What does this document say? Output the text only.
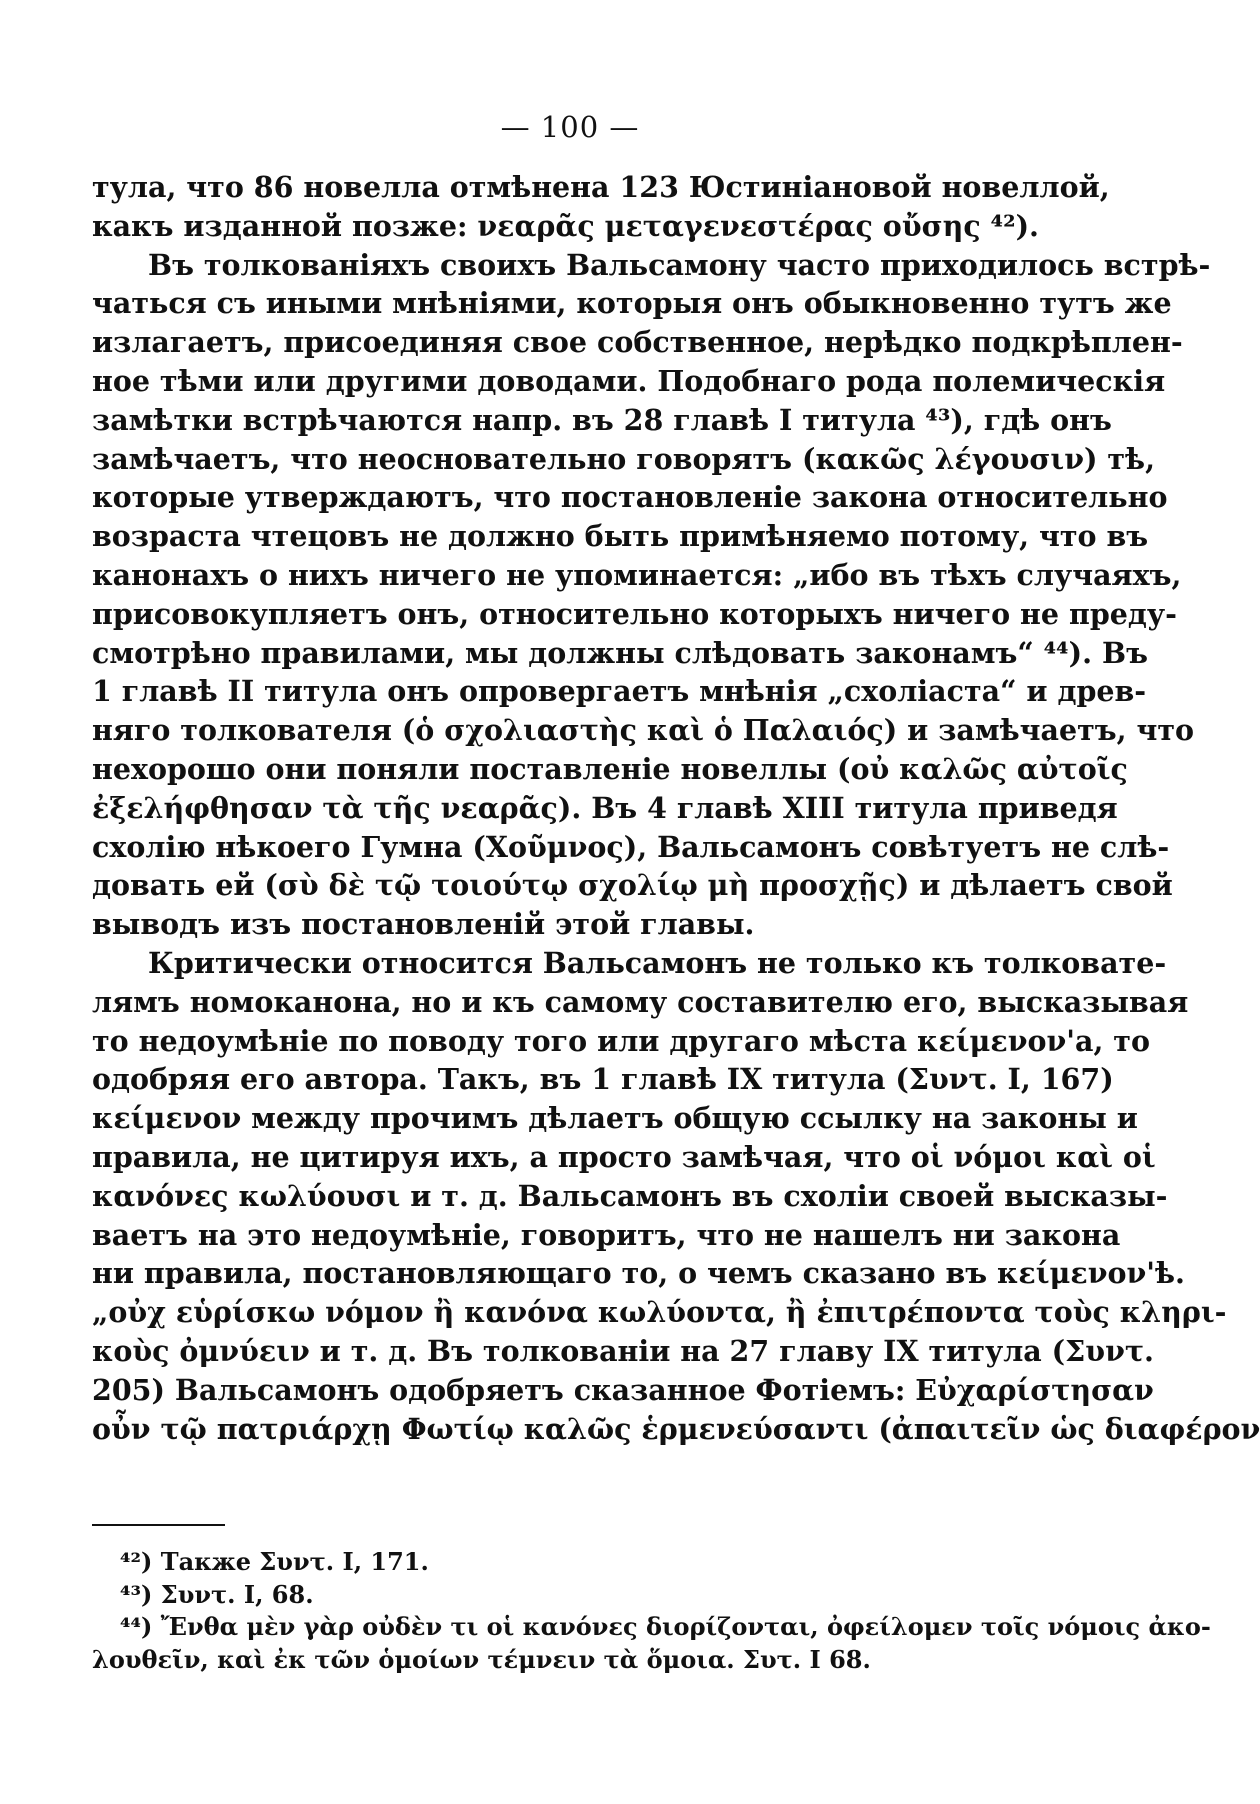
— 100 —
тула, что 86 новелла отмѣнена 123 Юстиніановой новеллой,
какъ изданной позже: νεαρᾶς μεταγενεστέρας οὔσης ⁴²).
Въ толкованіяхъ своихъ Вальсамону часто приходилось встрѣ-
чаться съ иными мнѣніями, которыя онъ обыкновенно тутъ же
излагаетъ, присоединяя свое собственное, нерѣдко подкрѣплен-
ное тѣми или другими доводами. Подобнаго рода полемическія
замѣтки встрѣчаются напр. въ 28 главѣ I титула ⁴³), гдѣ онъ
замѣчаетъ, что неосновательно говорятъ (κακῶς λέγουσιν) тѣ,
которые утверждаютъ, что постановленіе закона относительно
возраста чтецовъ не должно быть примѣняемо потому, что въ
канонахъ о нихъ ничего не упоминается: „ибо въ тѣхъ случаяхъ,
присовокупляетъ онъ, относительно которыхъ ничего не преду-
смотрѣно правилами, мы должны слѣдовать законамъ“ ⁴⁴). Въ
1 главѣ II титула онъ опровергаетъ мнѣнія „схоліаста“ и древ-
няго толкователя (ὁ σχολιαστὴς καὶ ὁ Παλαιός) и замѣчаетъ, что
нехорошо они поняли поставленіе новеллы (οὐ καλῶς αὐτοῖς
ἐξελήφθησαν τὰ τῆς νεαρᾶς). Въ 4 главѣ XIII титула приведя
схолію нѣкоего Гумна (Χοῦμνος), Вальсамонъ совѣтуетъ не слѣ-
довать ей (σὺ δὲ τῷ τοιούτῳ σχολίῳ μὴ προσχῇς) и дѣлаетъ свой
выводъ изъ постановленій этой главы.
Критически относится Вальсамонъ не только къ толковате-
лямъ номоканона, но и къ самому составителю его, высказывая
то недоумѣніе по поводу того или другаго мѣста κείμενον'а, то
одобряя его автора. Такъ, въ 1 главѣ IX титула (Συντ. I, 167)
κείμενον между прочимъ дѣлаетъ общую ссылку на законы и
правила, не цитируя ихъ, а просто замѣчая, что οἱ νόμοι καὶ οἱ
κανόνες κωλύουσι и т. д. Вальсамонъ въ схоліи своей высказы-
ваетъ на это недоумѣніе, говоритъ, что не нашелъ ни закона
ни правила, постановляющаго то, о чемъ сказано въ κείμενον'ѣ.
„οὐχ εὑρίσκω νόμον ἢ κανόνα κωλύοντα, ἢ ἐπιτρέποντα τοὺς κληρι-
κοὺς ὀμνύειν и т. д. Въ толкованіи на 27 главу IX титула (Συντ.
205) Вальсамонъ одобряетъ сказанное Фотіемъ: Εὐχαρίστησαν
οὖν τῷ πατριάρχῃ Φωτίῳ καλῶς ἑρμενεύσαντι (ἀπαιτεῖν ὡς διαφέρον
⁴²) Также Συντ. I, 171.
⁴³) Συντ. I, 68.
⁴⁴) Ἔνθα μὲν γὰρ οὐδὲν τι οἱ κανόνες διορίζονται, ὀφείλομεν τοῖς νόμοις ἀκο-
λουθεῖν, καὶ ἐκ τῶν ὁμοίων τέμνειν τὰ ὅμοια. Συτ. I 68.
